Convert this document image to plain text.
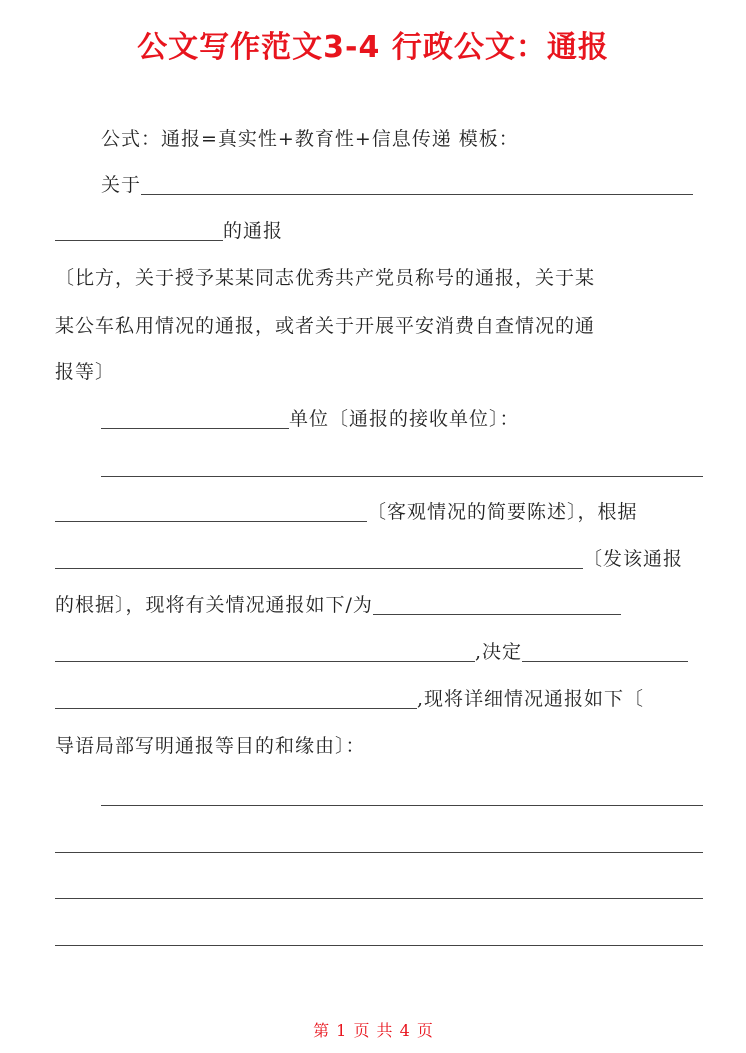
公文写作范文3-4 行政公文：通报
公式：通报=真实性+教育性+信息传递 模板：
关于
的通报
〔比方，关于授予某某同志优秀共产党员称号的通报，关于某
某公车私用情况的通报，或者关于开展平安消费自查情况的通
报等〕
单位〔通报的接收单位〕：
〔客观情况的简要陈述〕，根据
〔发该通报
的根据〕，现将有关情况通报如下/为
,决定
,现将详细情况通报如下〔
导语局部写明通报等目的和缘由〕：
第 1 页 共 4 页
